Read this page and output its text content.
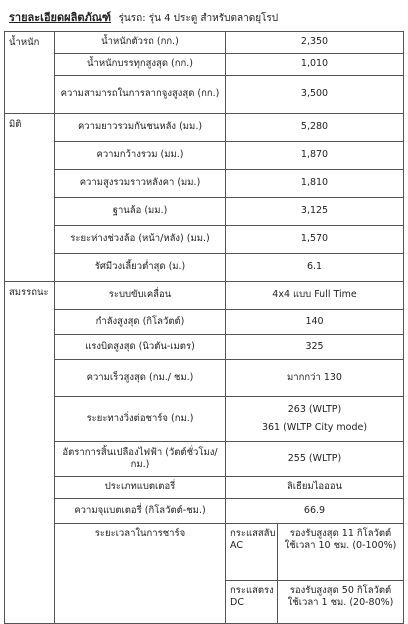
รายละเอียดผลิตภัณฑ์ รุ่นรถ: รุ่น 4 ประตู สำหรับตลาดยุโรป
น้ำหนัก	น้ำหนักตัวรถ (กก.)	2,350	
	น้ำหนักบรรทุกสูงสุด (กก.)	1,010	
	ความสามารถในการลากจูงสูงสุด (กก.)	3,500	
มิติ	ความยาวรวมกันชนหลัง (มม.)	5,280	
	ความกว้างรวม (มม.)	1,870	
	ความสูงรวมราวหลังคา (มม.)	1,810	
	ฐานล้อ (มม.)	3,125	
	ระยะห่างช่วงล้อ (หน้า/หลัง) (มม.)	1,570	
	รัศมีวงเลี้ยวต่ำสุด (ม.)	6.1	
สมรรถนะ	ระบบขับเคลื่อน	4x4 แบบ Full Time	
	กำลังสูงสุด (กิโลวัตต์)	140	
	แรงบิดสูงสุด (นิวตัน-เมตร)	325	
	ความเร็วสูงสุด (กม./ ชม.)	มากกว่า 130	
	ระยะทางวิ่งต่อชาร์จ (กม.)	263 (WLTP)
361 (WLTP City mode)	

	อัตราการสิ้นเปลืองไฟฟ้า (วัตต์ชั่วโมง/ กม.)	255 (WLTP)	
	ประเภทแบตเตอรี่	ลิเธียมไอออน	
	ความจุแบตเตอรี่ (กิโลวัตต์-ชม.)	66.9	
	ระยะเวลาในการชาร์จ	กระแสสลับ AC	รองรับสูงสุด 11 กิโลวัตต์
ใช้เวลา 10 ชม. (0-100%)

		กระแสตรง DC	รองรับสูงสุด 50 กิโลวัตต์
ใช้เวลา 1 ชม. (20-80%)
